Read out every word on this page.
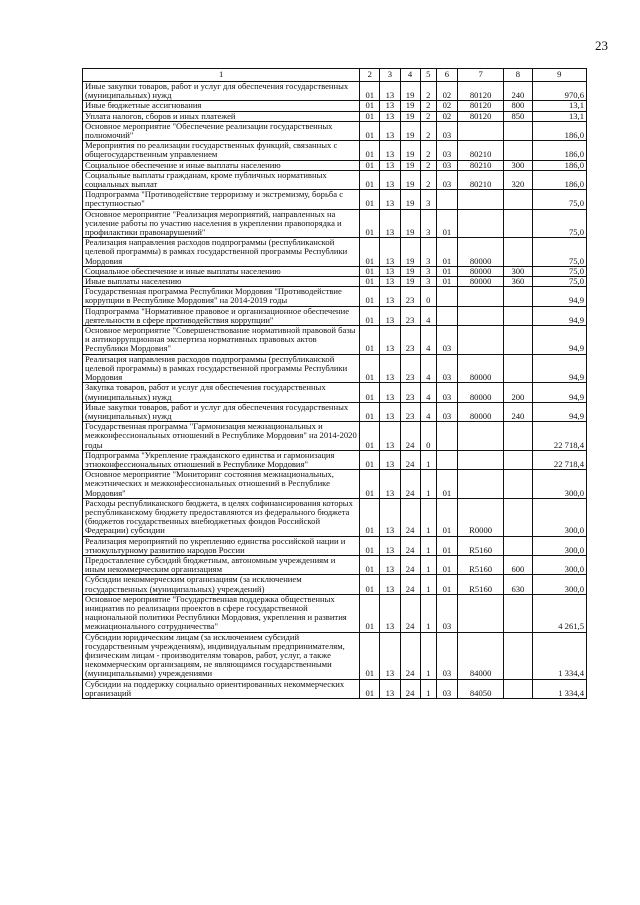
23
1	2	3	4	5	6	7	8	9
Иные закупки товаров, работ и услуг для обеспечения государственных (муниципальных) нужд	01	13	19	2	02	80120	240	970,6
Иные бюджетные ассигнования	01	13	19	2	02	80120	800	13,1
Уплата налогов, сборов и иных платежей	01	13	19	2	02	80120	850	13,1
Основное мероприятие "Обеспечение реализации государственных полномочий"	01	13	19	2	03			186,0
Мероприятия по реализации государственных функций, связанных с общегосударственным управлением	01	13	19	2	03	80210		186,0
Социальное обеспечение и иные выплаты населению	01	13	19	2	03	80210	300	186,0
Социальные выплаты гражданам, кроме публичных нормативных социальных выплат	01	13	19	2	03	80210	320	186,0
Подпрограмма "Противодействие терроризму и экстремизму, борьба с преступностью"	01	13	19	3				75,0
Основное мероприятие "Реализация мероприятий, направленных на усиление работы по участию населения в укреплении правопорядка и профилактики правонарушений"	01	13	19	3	01			75,0
Реализация направления расходов подпрограммы (республиканской целевой программы) в рамках государственной программы Республики Мордовия	01	13	19	3	01	80000		75,0
Социальное обеспечение и иные выплаты населению	01	13	19	3	01	80000	300	75,0
Иные выплаты населению	01	13	19	3	01	80000	360	75,0
Государственная программа Республики Мордовия "Противодействие коррупции в Республике Мордовия" на 2014-2019 годы	01	13	23	0				94,9
Подпрограмма "Нормативное правовое и организационное обеспечение деятельности в сфере противодействия коррупции"	01	13	23	4				94,9
Основное мероприятие "Совершенствование нормативной правовой базы и антикоррупционная экспертиза нормативных правовых актов Республики Мордовия"	01	13	23	4	03			94,9
Реализация направления расходов подпрограммы (республиканской целевой программы) в рамках государственной программы Республики Мордовия	01	13	23	4	03	80000		94,9
Закупка товаров, работ и услуг для обеспечения государственных (муниципальных) нужд	01	13	23	4	03	80000	200	94,9
Иные закупки товаров, работ и услуг для обеспечения государственных (муниципальных) нужд	01	13	23	4	03	80000	240	94,9
Государственная программа "Гармонизация межнациональных и межконфессиональных отношений в Республике Мордовия" на 2014-2020 годы	01	13	24	0				22 718,4
Подпрограмма "Укрепление гражданского единства и гармонизация этноконфессиональных отношений в Республике Мордовия"	01	13	24	1				22 718,4
Основное мероприятие "Мониторинг состояния межнациональных, межэтнических и межконфессиональных отношений в Республике Мордовия"	01	13	24	1	01			300,0
Расходы республиканского бюджета, в целях софинансирования которых республиканскому бюджету предоставляются из федерального бюджета (бюджетов государственных внебюджетных фондов Российской Федерации) субсидии	01	13	24	1	01	R0000		300,0
Реализация мероприятий по укреплению единства российской нации и этнокультурному развитию народов России	01	13	24	1	01	R5160		300,0
Предоставление субсидий бюджетным, автономным учреждениям и иным некоммерческим организациям	01	13	24	1	01	R5160	600	300,0
Субсидии некоммерческим организациям (за исключением государственных (муниципальных) учреждений)	01	13	24	1	01	R5160	630	300,0
Основное мероприятие "Государственная поддержка общественных инициатив по реализации проектов в сфере государственной национальной политики Республики Мордовия, укрепления и развития межнационального сотрудничества"	01	13	24	1	03			4 261,5
Субсидии юридическим лицам (за исключением субсидий государственным учреждениям), индивидуальным предпринимателям, физическим лицам - производителям товаров, работ, услуг, а также некоммерческим организациям, не являющимся государственными (муниципальными) учреждениями	01	13	24	1	03	84000		1 334,4
Субсидии на поддержку социально ориентированных некоммерческих организаций	01	13	24	1	03	84050		1 334,4
